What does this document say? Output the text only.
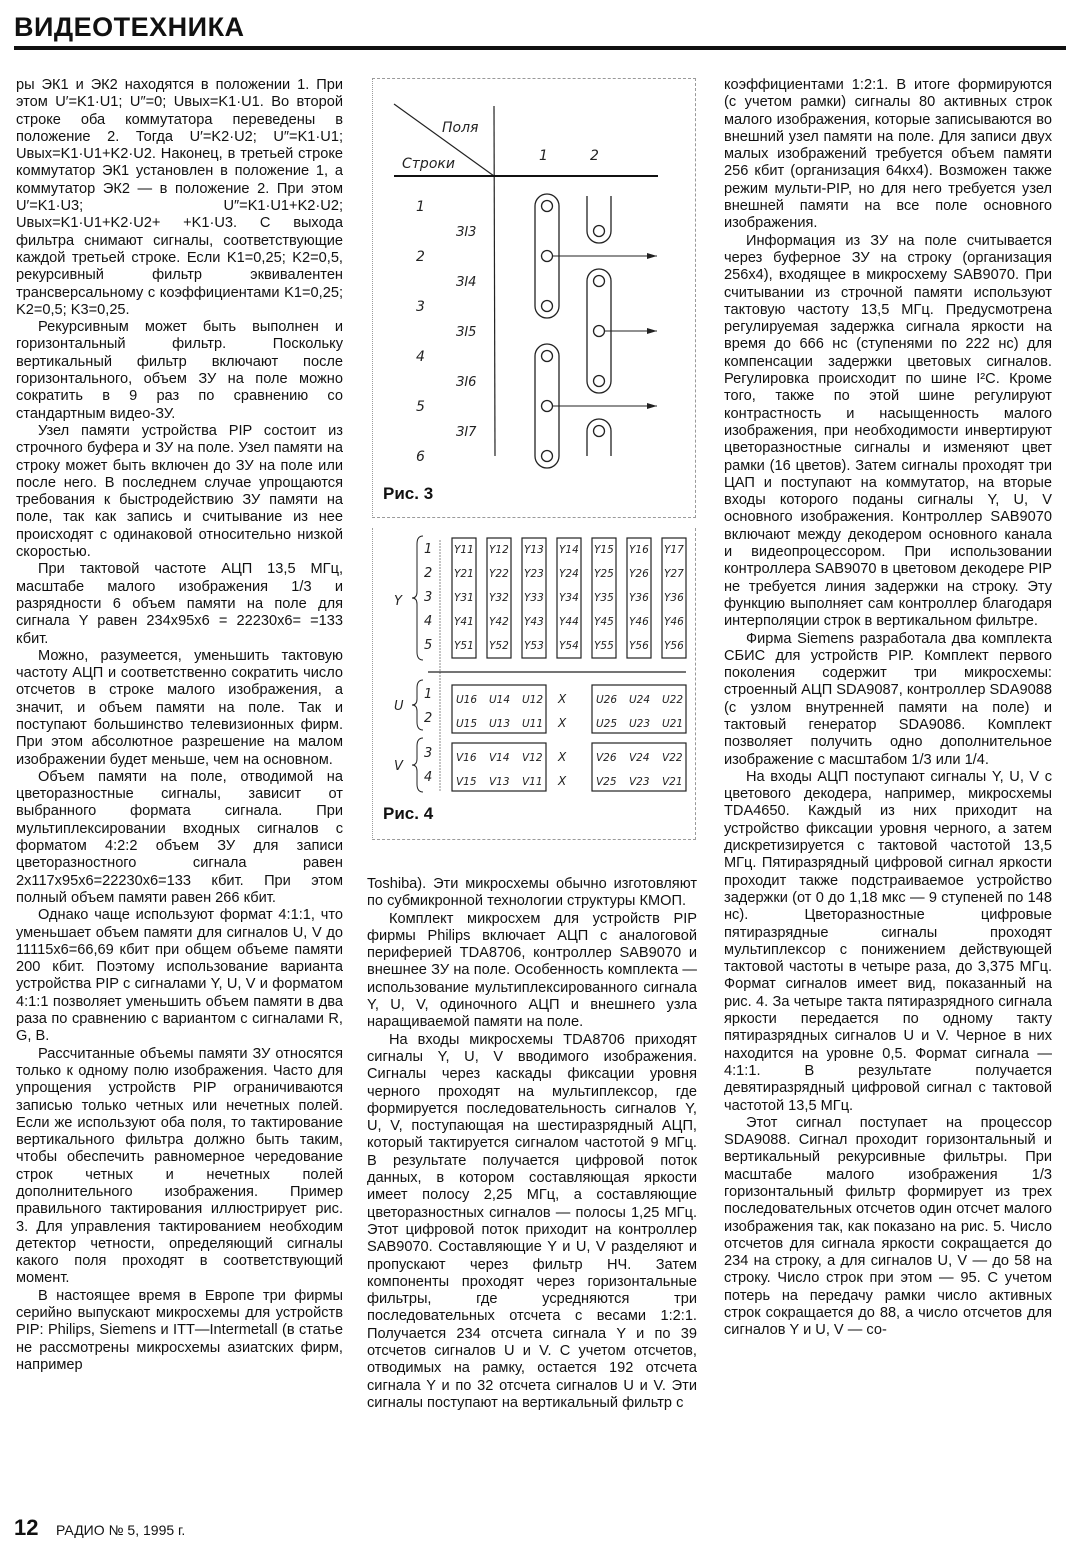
ВИДЕОТЕХНИКА

ры ЭК1 и ЭК2 находятся в положении 1. При этом U′=K1·U1; U″=0; Uвых=K1·U1. Во второй строке оба коммутатора переведены в положение 2. Тогда U′=K2·U2; U″=K1·U1; Uвых=K1·U1+K2·U2. Наконец, в третьей строке коммутатор ЭК1 установлен в положение 1, а коммутатор ЭК2 — в положение 2. При этом U′=K1·U3; U″=K1·U1+K2·U2; Uвых=K1·U1+K2·U2+ +K1·U3. С выхода фильтра снимают сигналы, соответствующие каждой третьей строке. Если K1=0,25; K2=0,5, рекурсивный фильтр эквивалентен трансверсальному с коэффициентами K1=0,25; K2=0,5; K3=0,25.

Рекурсивным может быть выполнен и горизонтальный фильтр. Поскольку вертикальный фильтр включают после горизонтального, объем ЗУ на поле можно сократить в 9 раз по сравнению со стандартным видео-ЗУ.

Узел памяти устройства PIP состоит из строчного буфера и ЗУ на поле. Узел памяти на строку может быть включен до ЗУ на поле или после него. В последнем случае упрощаются требования к быстродействию ЗУ памяти на поле, так как запись и считывание из нее происходят с одинаковой относительно низкой скоростью.

При тактовой частоте АЦП 13,5 МГц, масштабе малого изображения 1/3 и разрядности 6 объем памяти на поле для сигнала Y равен 234x95x6 = 22230x6= =133 кбит.

Можно, разумеется, уменьшить тактовую частоту АЦП и соответственно сократить число отсчетов в строке малого изображения, а значит, и объем памяти на поле. Так и поступают большинство телевизионных фирм. При этом абсолютное разрешение на малом изображении будет меньше, чем на основном.

Объем памяти на поле, отводимой на цветоразностные сигналы, зависит от выбранного формата сигнала. При мультиплексировании входных сигналов с форматом 4:2:2 объем ЗУ для записи цветоразностного сигнала равен 2x117x95x6=22230x6=133 кбит. При этом полный объем памяти равен 266 кбит.

Однако чаще используют формат 4:1:1, что уменьшает объем памяти для сигналов U, V до 11115x6=66,69 кбит при общем объеме памяти 200 кбит. Поэтому использование варианта устройства PIP с сигналами Y, U, V и форматом 4:1:1 позволяет уменьшить объем памяти в два раза по сравнению с вариантом с сигналами R, G, B.

Рассчитанные объемы памяти ЗУ относятся только к одному полю изображения. Часто для упрощения устройств PIP ограничиваются записью только четных или нечетных полей. Если же используют оба поля, то тактирование вертикального фильтра должно быть таким, чтобы обеспечить равномерное чередование строк четных и нечетных полей дополнительного изображения. Пример правильного тактирования иллюстрирует рис. 3. Для управления тактированием необходим детектор четности, определяющий сигналы какого поля проходят в соответствующий момент.

В настоящее время в Европе три фирмы серийно выпускают микросхемы для устройств PIP: Philips, Siemens и ITT—Intermetall (в статье не рассмотрены микросхемы азиатских фирм, например

Поля
Строки	1	2
1
2
3
4
5
6
ЗI3
ЗI4
ЗI5
ЗI6
ЗI7
Рис. 3
Y
1
2
3
4
5
Y11
Y21
Y31
Y41
Y51
Y12
Y22
Y32
Y42
Y52
Y13
Y23
Y33
Y43
Y53
Y14
Y24
Y34
Y44
Y54
Y15
Y25
Y35
Y45
Y55
Y16
Y26
Y36
Y46
Y56
Y17
Y27
Y36
Y46
Y56
U
1
2
V
3
4
U16 U14 U12
U15 U13 U11
U26 U24 U22
U25 U23 U21
V16 V14 V12
V15 V13 V11
V26 V24 V22
V25 V23 V21
X
X
X
X
Рис. 4

Toshiba). Эти микросхемы обычно изготовляют по субмикронной технологии структуры КМОП.

Комплект микросхем для устройств PIP фирмы Philips включает АЦП с аналоговой периферией TDA8706, контроллер SAB9070 и внешнее ЗУ на поле. Особенность комплекта — использование мультиплексированного сигнала Y, U, V, одиночного АЦП и внешнего узла наращиваемой памяти на поле.

На входы микросхемы TDA8706 приходят сигналы Y, U, V вводимого изображения. Сигналы через каскады фиксации уровня черного проходят на мультиплексор, где формируется последовательность сигналов Y, U, V, поступающая на шестиразрядный АЦП, который тактируется сигналом частотой 9 МГц. В результате получается цифровой поток данных, в котором составляющая яркости имеет полосу 2,25 МГц, а составляющие цветоразностных сигналов — полосы 1,25 МГц. Этот цифровой поток приходит на контроллер SAB9070. Составляющие Y и U, V разделяют и пропускают через фильтр НЧ. Затем компоненты проходят через горизонтальные фильтры, где усредняются три последовательных отсчета с весами 1:2:1. Получается 234 отсчета сигнала Y и по 39 отсчетов сигналов U и V. С учетом отсчетов, отводимых на рамку, остается 192 отсчета сигнала Y и по 32 отсчета сигналов U и V. Эти сигналы поступают на вертикальный фильтр с

коэффициентами 1:2:1. В итоге формируются (с учетом рамки) сигналы 80 активных строк малого изображения, которые записываются во внешний узел памяти на поле. Для записи двух малых изображений требуется объем памяти 256 кбит (организация 64кх4). Возможен также режим мульти-PIP, но для него требуется узел внешней памяти на все поле основного изображения.

Информация из ЗУ на поле считывается через буферное ЗУ на строку (организация 256х4), входящее в микросхему SAB9070. При считывании из строчной памяти используют тактовую частоту 13,5 МГц. Предусмотрена регулируемая задержка сигнала яркости на время до 666 нс (ступенями по 222 нс) для компенсации задержки цветовых сигналов. Регулировка происходит по шине I²C. Кроме того, также по этой шине регулируют контрастность и насыщенность малого изображения, при необходимости инвертируют цветоразностные сигналы и изменяют цвет рамки (16 цветов). Затем сигналы проходят три ЦАП и поступают на коммутатор, на вторые входы которого поданы сигналы Y, U, V основного изображения. Контроллер SAB9070 включают между декодером основного канала и видеопроцессором. При использовании контроллера SAB9070 в цветовом декодере PIP не требуется линия задержки на строку. Эту функцию выполняет сам контроллер благодаря интерполяции строк в вертикальном фильтре.

Фирма Siemens разработала два комплекта СБИС для устройств PIP. Комплект первого поколения содержит три микросхемы: строенный АЦП SDA9087, контроллер SDA9088 (с узлом внутренней памяти на поле) и тактовый генератор SDA9086. Комплект позволяет получить одно дополнительное изображение с масштабом 1/3 или 1/4.

На входы АЦП поступают сигналы Y, U, V с цветового декодера, например, микросхемы TDA4650. Каждый из них приходит на устройство фиксации уровня черного, а затем дискретизируется с тактовой частотой 13,5 МГц. Пятиразрядный цифровой сигнал яркости проходит также подстраиваемое устройство задержки (от 0 до 1,18 мкс — 9 ступеней по 148 нс). Цветоразностные цифровые пятиразрядные сигналы проходят мультиплексор с понижением действующей тактовой частоты в четыре раза, до 3,375 МГц. Формат сигналов имеет вид, показанный на рис. 4. За четыре такта пятиразрядного сигнала яркости передается по одному такту пятиразрядных сигналов U и V. Черное в них находится на уровне 0,5. Формат сигнала — 4:1:1. В результате получается девятиразрядный цифровой сигнал с тактовой частотой 13,5 МГц.

Этот сигнал поступает на процессор SDA9088. Сигнал проходит горизонтальный и вертикальный рекурсивные фильтры. При масштабе малого изображения 1/3 горизонтальный фильтр формирует из трех последовательных отсчетов один отсчет малого изображения так, как показано на рис. 5. Число отсчетов для сигнала яркости сокращается до 234 на строку, а для сигналов U, V — до 58 на строку. Число строк при этом — 95. С учетом потерь на передачу рамки число активных строк сокращается до 88, а число отсчетов для сигналов Y и U, V — со-

12 РАДИО № 5, 1995 г.
